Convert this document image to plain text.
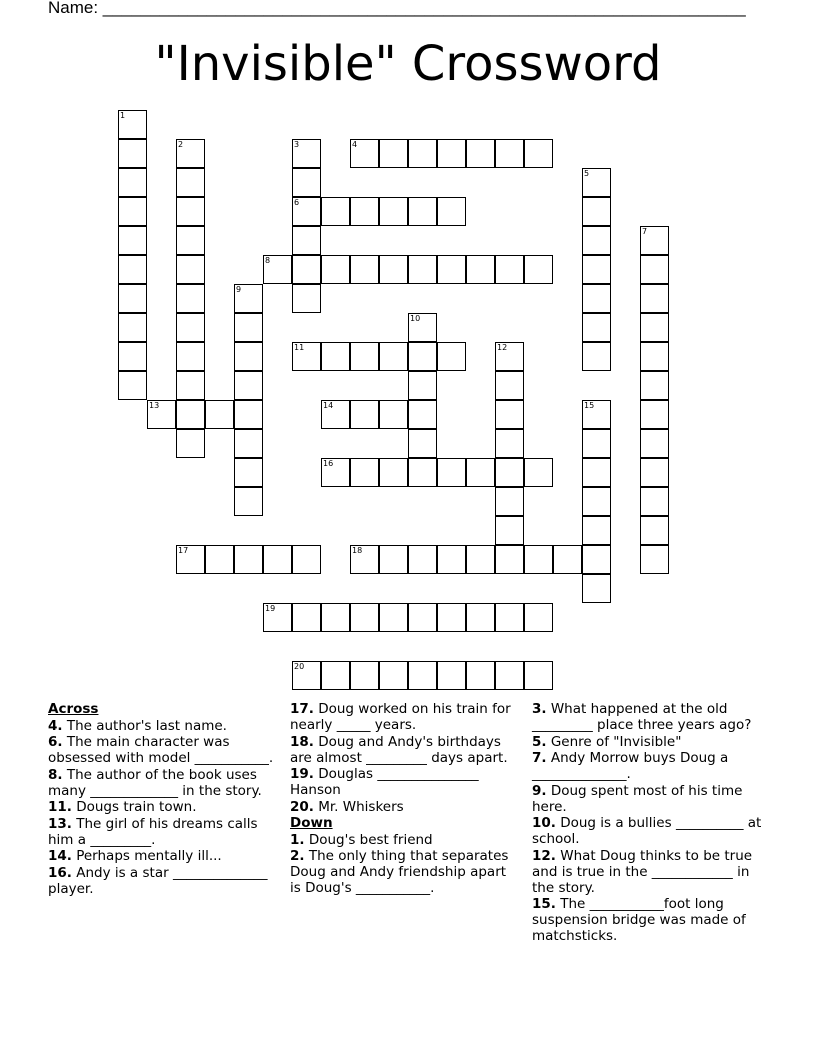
Name: ____________________________________________________________________
"Invisible" Crossword
1
2	3	4
5
6
7
8
9
10
11	12
13	14	15
16
17	18
19
20

Across

4. The author's last name.

6. The main character was obsessed with model ___________.

8. The author of the book uses many _____________ in the story.

11. Dougs train town.

13. The girl of his dreams calls him a _________.

14. Perhaps mentally ill...

16. Andy is a star ______________ player.

17. Doug worked on his train for nearly _____ years.

18. Doug and Andy's birthdays are almost _________ days apart.

19. Douglas _______________ Hanson

20. Mr. Whiskers

Down

1. Doug's best friend

2. The only thing that separates Doug and Andy friendship apart is Doug's ___________.

3. What happened at the old _________ place three years ago?

5. Genre of "Invisible"

7. Andy Morrow buys Doug a ______________.

9. Doug spent most of his time here.

10. Doug is a bullies __________ at school.

12. What Doug thinks to be true and is true in the ____________ in the story.

15. The ___________foot long suspension bridge was made of matchsticks.
